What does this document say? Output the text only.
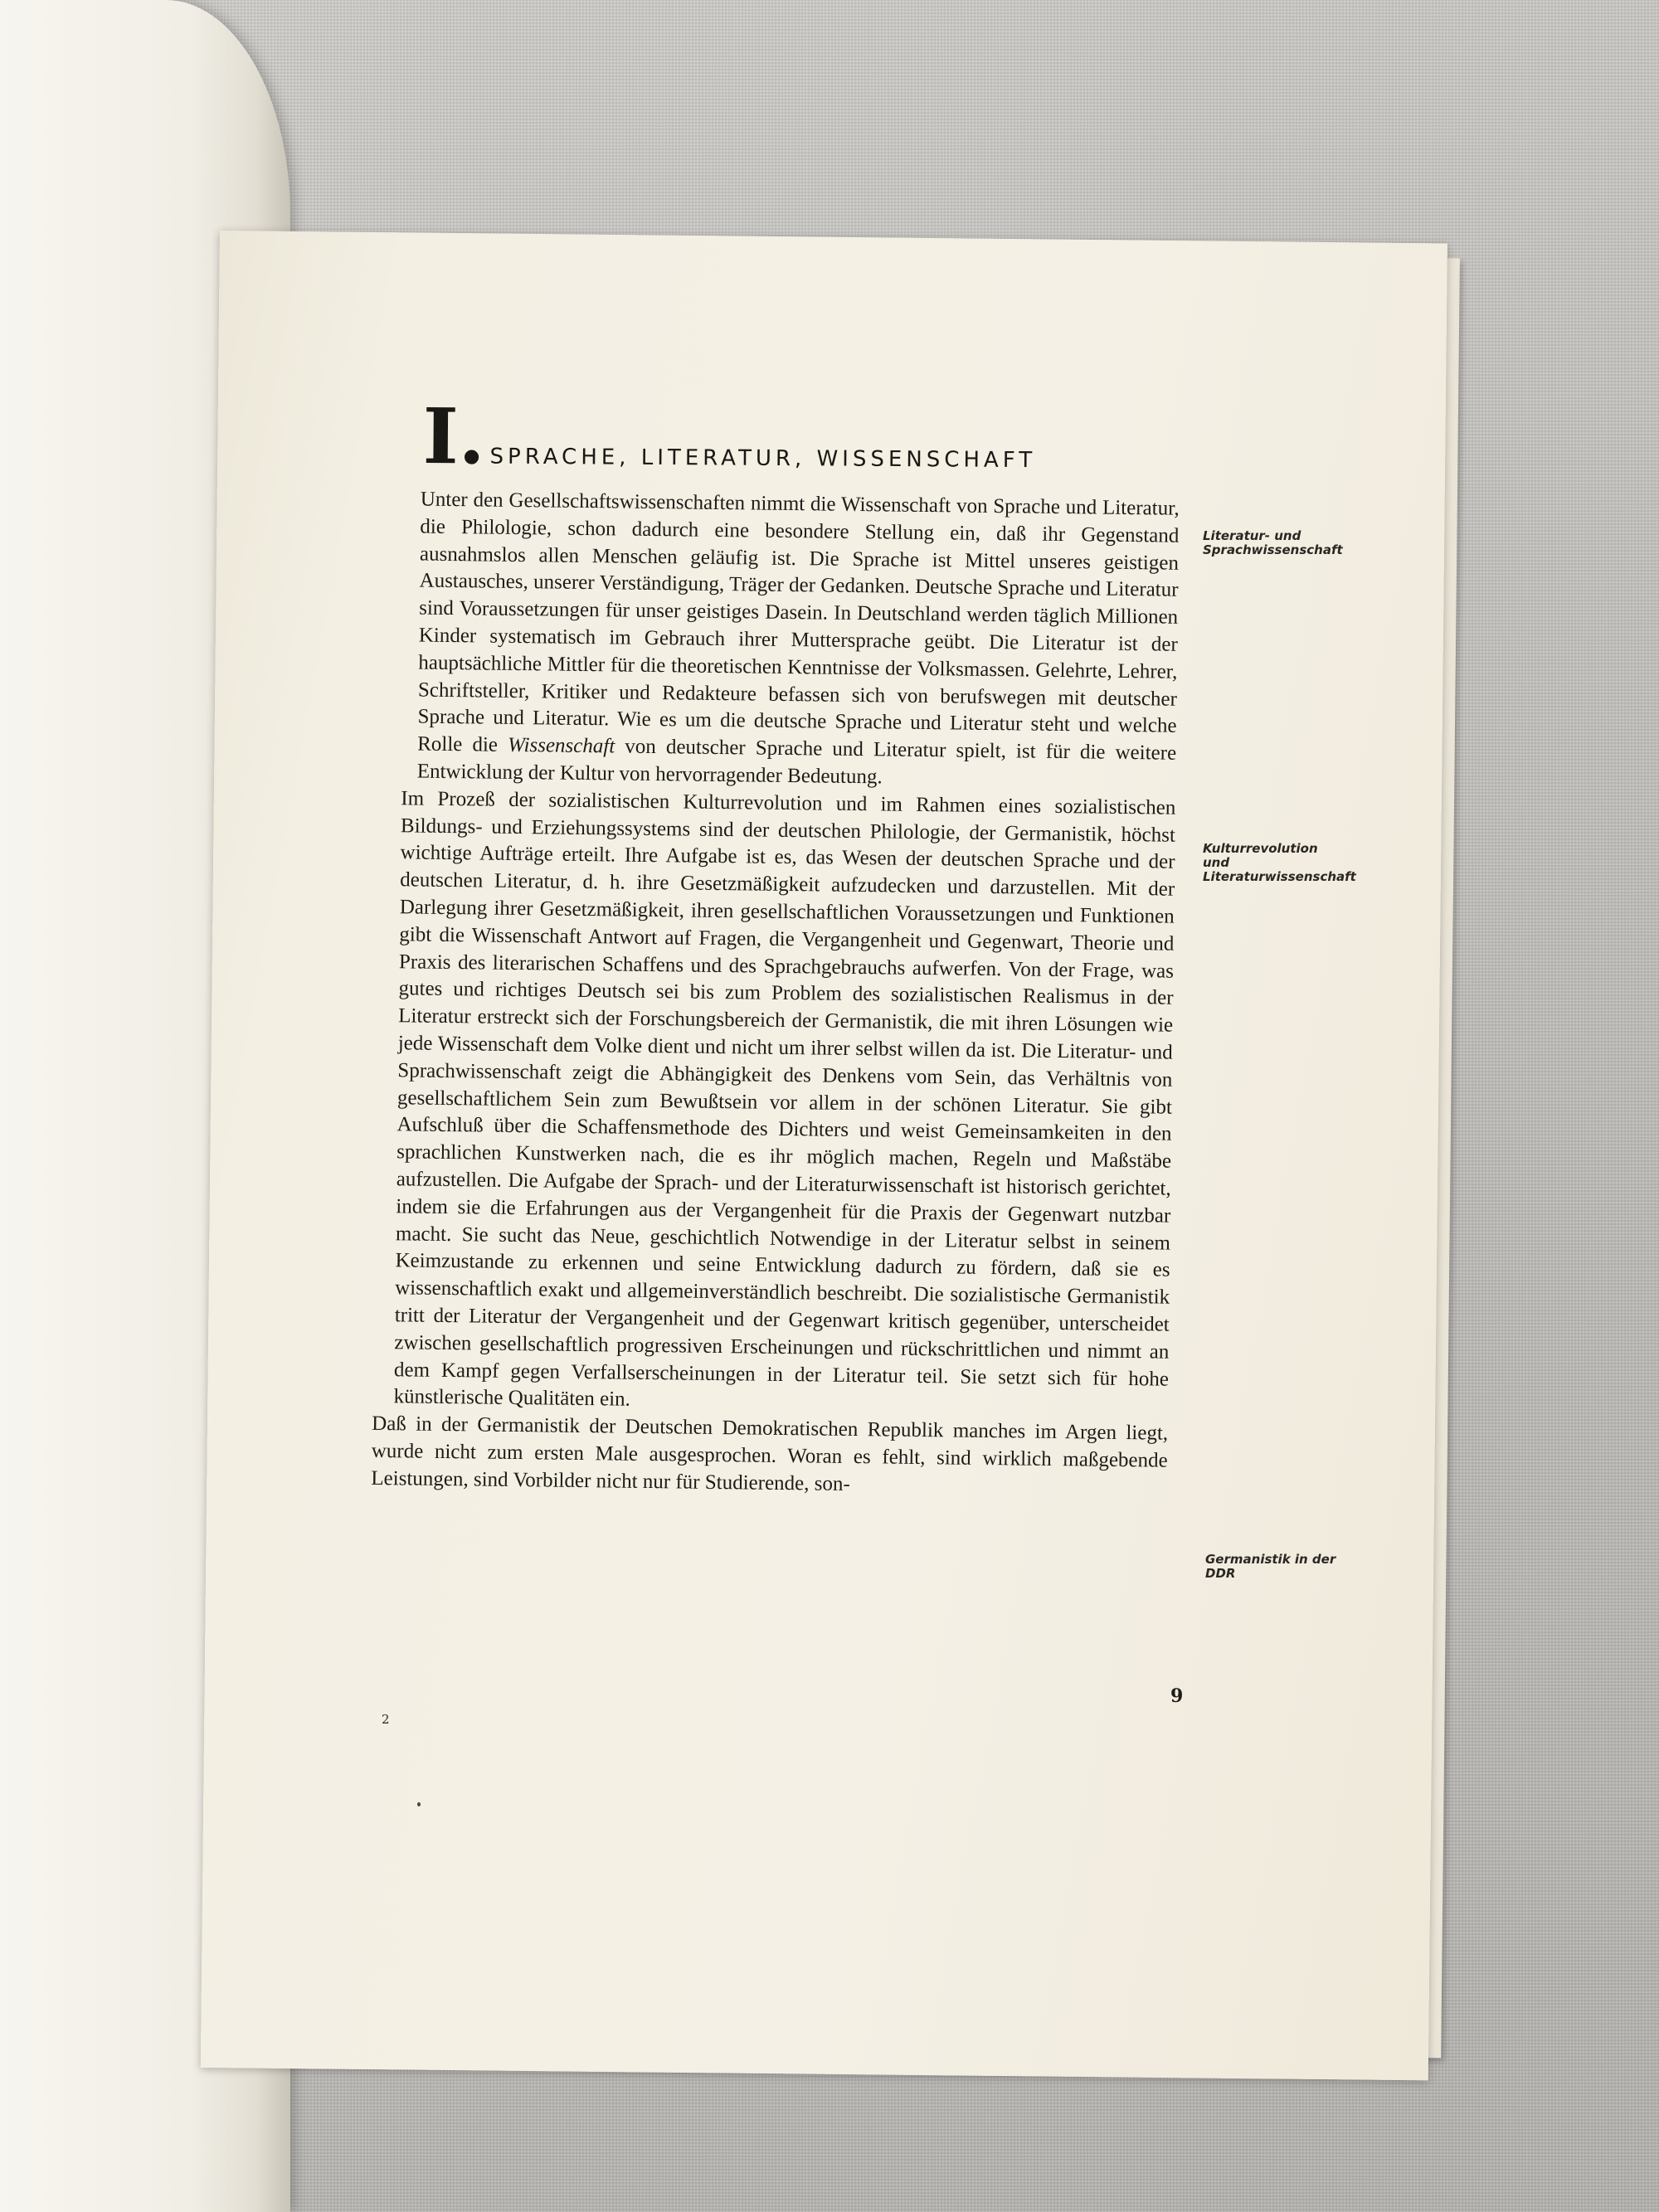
I. SPRACHE, LITERATUR, WISSENSCHAFT

Unter den Gesellschaftswissenschaften nimmt die Wissenschaft von Sprache und Literatur, die Philologie, schon dadurch eine besondere Stellung ein, daß ihr Gegenstand ausnahmslos allen Menschen geläufig ist. Die Sprache ist Mittel unseres geistigen Austausches, unserer Verständigung, Träger der Gedanken. Deutsche Sprache und Literatur sind Voraussetzungen für unser geistiges Dasein. In Deutschland werden täglich Millionen Kinder systematisch im Gebrauch ihrer Muttersprache geübt. Die Literatur ist der hauptsächliche Mittler für die theoretischen Kenntnisse der Volksmassen. Gelehrte, Lehrer, Schriftsteller, Kritiker und Redakteure befassen sich von berufswegen mit deutscher Sprache und Literatur. Wie es um die deutsche Sprache und Literatur steht und welche Rolle die Wissenschaft von deutscher Sprache und Literatur spielt, ist für die weitere Entwicklung der Kultur von hervorragender Bedeutung.

Im Prozeß der sozialistischen Kulturrevolution und im Rahmen eines sozialistischen Bildungs- und Erziehungssystems sind der deutschen Philologie, der Germanistik, höchst wichtige Aufträge erteilt. Ihre Aufgabe ist es, das Wesen der deutschen Sprache und der deutschen Literatur, d. h. ihre Gesetzmäßigkeit aufzudecken und darzustellen. Mit der Darlegung ihrer Gesetzmäßigkeit, ihren gesellschaftlichen Voraussetzungen und Funktionen gibt die Wissenschaft Antwort auf Fragen, die Vergangenheit und Gegenwart, Theorie und Praxis des literarischen Schaffens und des Sprachgebrauchs aufwerfen. Von der Frage, was gutes und richtiges Deutsch sei bis zum Problem des sozialistischen Realismus in der Literatur erstreckt sich der Forschungsbereich der Germanistik, die mit ihren Lösungen wie jede Wissenschaft dem Volke dient und nicht um ihrer selbst willen da ist. Die Literatur- und Sprachwissenschaft zeigt die Abhängigkeit des Denkens vom Sein, das Verhältnis von gesellschaftlichem Sein zum Bewußtsein vor allem in der schönen Literatur. Sie gibt Aufschluß über die Schaffensmethode des Dichters und weist Gemeinsamkeiten in den sprachlichen Kunstwerken nach, die es ihr möglich machen, Regeln und Maßstäbe aufzustellen. Die Aufgabe der Sprach- und der Literaturwissenschaft ist historisch gerichtet, indem sie die Erfahrungen aus der Vergangenheit für die Praxis der Gegenwart nutzbar macht. Sie sucht das Neue, geschichtlich Notwendige in der Literatur selbst in seinem Keimzustande zu erkennen und seine Entwicklung dadurch zu fördern, daß sie es wissenschaftlich exakt und allgemeinverständlich beschreibt. Die sozialistische Germanistik tritt der Literatur der Vergangenheit und der Gegenwart kritisch gegenüber, unterscheidet zwischen gesellschaftlich progressiven Erscheinungen und rückschrittlichen und nimmt an dem Kampf gegen Verfallserscheinungen in der Literatur teil. Sie setzt sich für hohe künstlerische Qualitäten ein.

Daß in der Germanistik der Deutschen Demokratischen Republik manches im Argen liegt, wurde nicht zum ersten Male ausgesprochen. Woran es fehlt, sind wirklich maßgebende Leistungen, sind Vorbilder nicht nur für Studierende, son-

Literatur- und Sprachwissenschaft
Kulturrevolution und Literaturwissenschaft
Germanistik in der DDR
9
2
